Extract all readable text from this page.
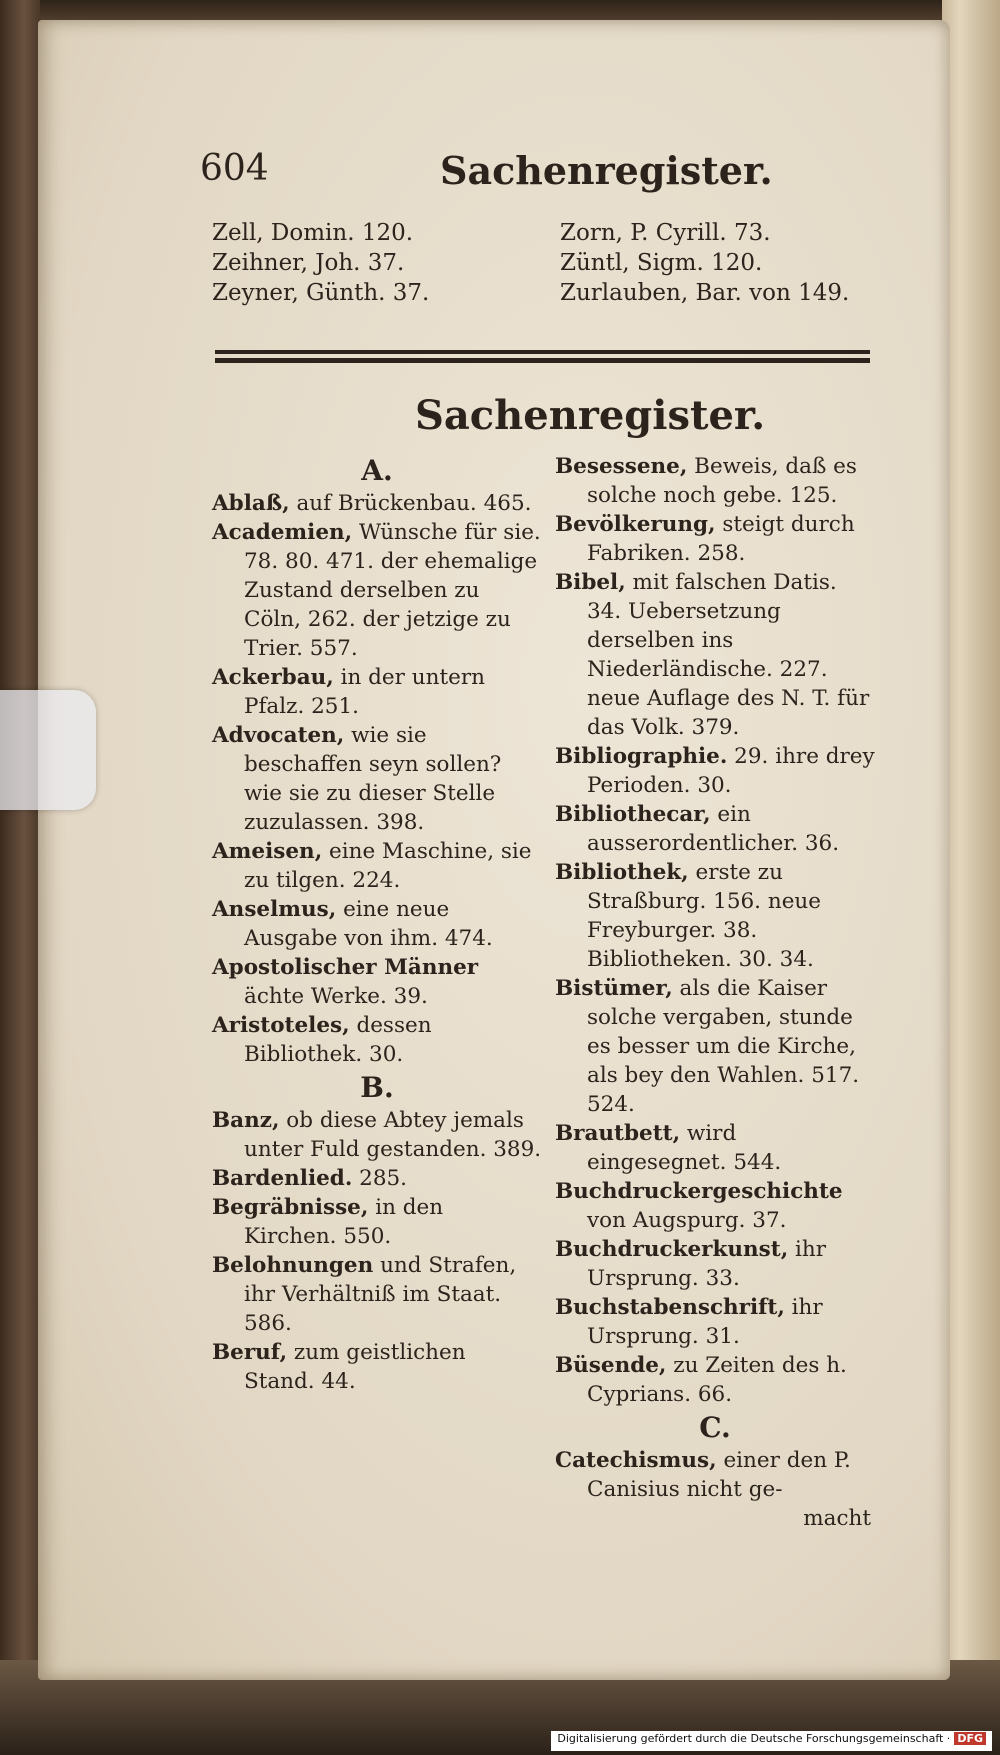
604	Sachenregister.
Zell, Domin. 120.
Zeihner, Joh. 37.
Zeyner, Günth. 37.
Zorn, P. Cyrill. 73.
Züntl, Sigm. 120.
Zurlauben, Bar. von 149.
Sachenregister.
A.
Ablaß, auf Brückenbau. 465.
Academien, Wünsche für sie. 78. 80. 471. der ehemalige Zustand derselben zu Cöln, 262. der jetzige zu Trier. 557.
Ackerbau, in der untern Pfalz. 251.
Advocaten, wie sie beschaffen seyn sollen? wie sie zu dieser Stelle zuzulassen. 398.
Ameisen, eine Maschine, sie zu tilgen. 224.
Anselmus, eine neue Ausgabe von ihm. 474.
Apostolischer Männer ächte Werke. 39.
Aristoteles, dessen Bibliothek. 30.
B.
Banz, ob diese Abtey jemals unter Fuld gestanden. 389.
Bardenlied. 285.
Begräbnisse, in den Kirchen. 550.
Belohnungen und Strafen, ihr Verhältniß im Staat. 586.
Beruf, zum geistlichen Stand. 44.
Besessene, Beweis, daß es solche noch gebe. 125.
Bevölkerung, steigt durch Fabriken. 258.
Bibel, mit falschen Datis. 34. Uebersetzung derselben ins Niederländische. 227. neue Auflage des N. T. für das Volk. 379.
Bibliographie. 29. ihre drey Perioden. 30.
Bibliothecar, ein ausserordentlicher. 36.
Bibliothek, erste zu Straßburg. 156. neue Freyburger. 38. Bibliotheken. 30. 34.
Bistümer, als die Kaiser solche vergaben, stunde es besser um die Kirche, als bey den Wahlen. 517. 524.
Brautbett, wird eingesegnet. 544.
Buchdruckergeschichte von Augspurg. 37.
Buchdruckerkunst, ihr Ursprung. 33.
Buchstabenschrift, ihr Ursprung. 31.
Büsende, zu Zeiten des h. Cyprians. 66.
C.
Catechismus, einer den P. Canisius nicht ge-
macht
Digitalisierung gefördert durch die Deutsche Forschungsgemeinschaft · DFG
